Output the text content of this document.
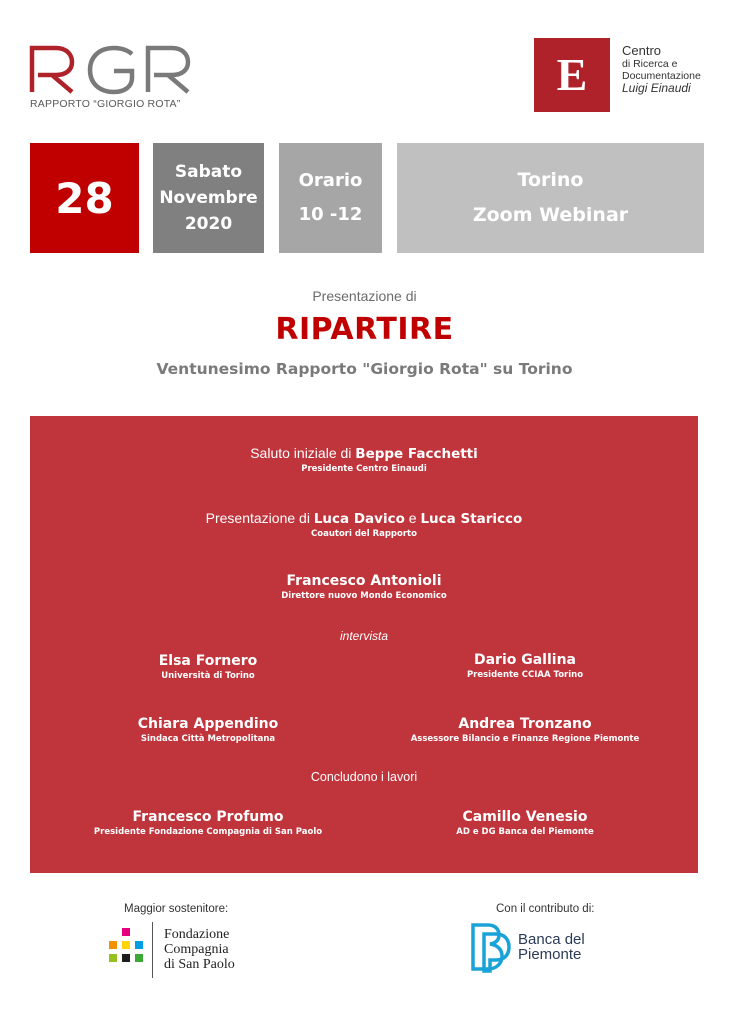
RAPPORTO “GIORGIO ROTA”
E	Centro
di Ricerca e
Documentazione
Luigi Einaudi
28
Sabato
Novembre
2020
Orario
10 -12
Torino
Zoom Webinar
Presentazione di
RIPARTIRE
Ventunesimo Rapporto "Giorgio Rota" su Torino
Saluto iniziale di Beppe Facchetti
Presidente Centro Einaudi
Presentazione di Luca Davico e Luca Staricco
Coautori del Rapporto
Francesco Antonioli
Direttore nuovo Mondo Economico
intervista
Elsa Fornero
Università di Torino
Dario Gallina
Presidente CCIAA Torino
Chiara Appendino
Sindaca Città Metropolitana
Andrea Tronzano
Assessore Bilancio e Finanze Regione Piemonte
Concludono i lavori
Francesco Profumo
Presidente Fondazione Compagnia di San Paolo
Camillo Venesio
AD e DG Banca del Piemonte
Maggior sostenitore:
Fondazione
Compagnia
di San Paolo
Con il contributo di:
Banca del
Piemonte
